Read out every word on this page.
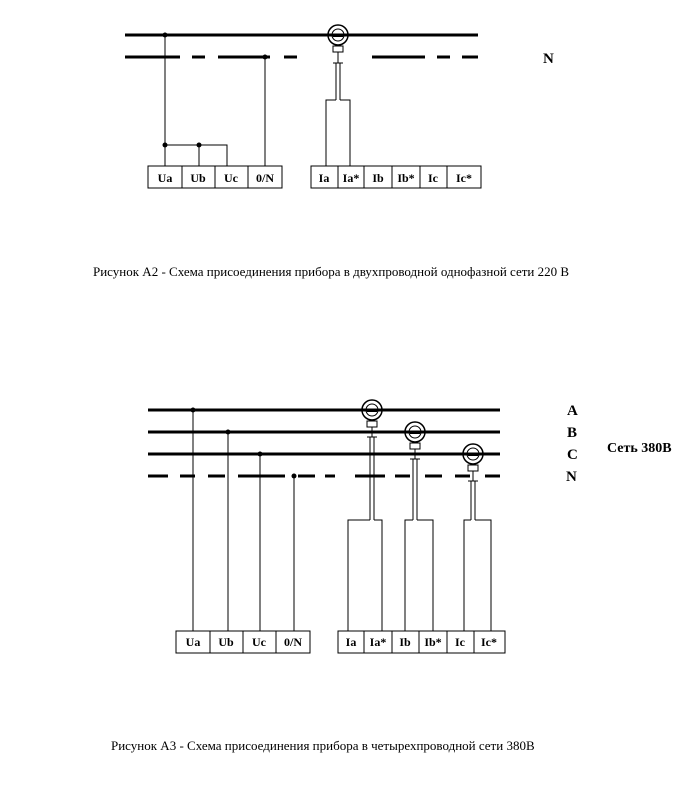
N
Ua Ub Uc 0/N	Ia Ia* Ib Ib* Ic Ic*
Рисунок А2 - Схема присоединения прибора в двухпроводной однофазной сети 220 В
A
B
C
N
Сеть 380В
Ua Ub Uc 0/N	Ia Ia* Ib Ib* Ic Ic*
Рисунок А3 - Схема присоединения прибора в четырехпроводной сети 380В
